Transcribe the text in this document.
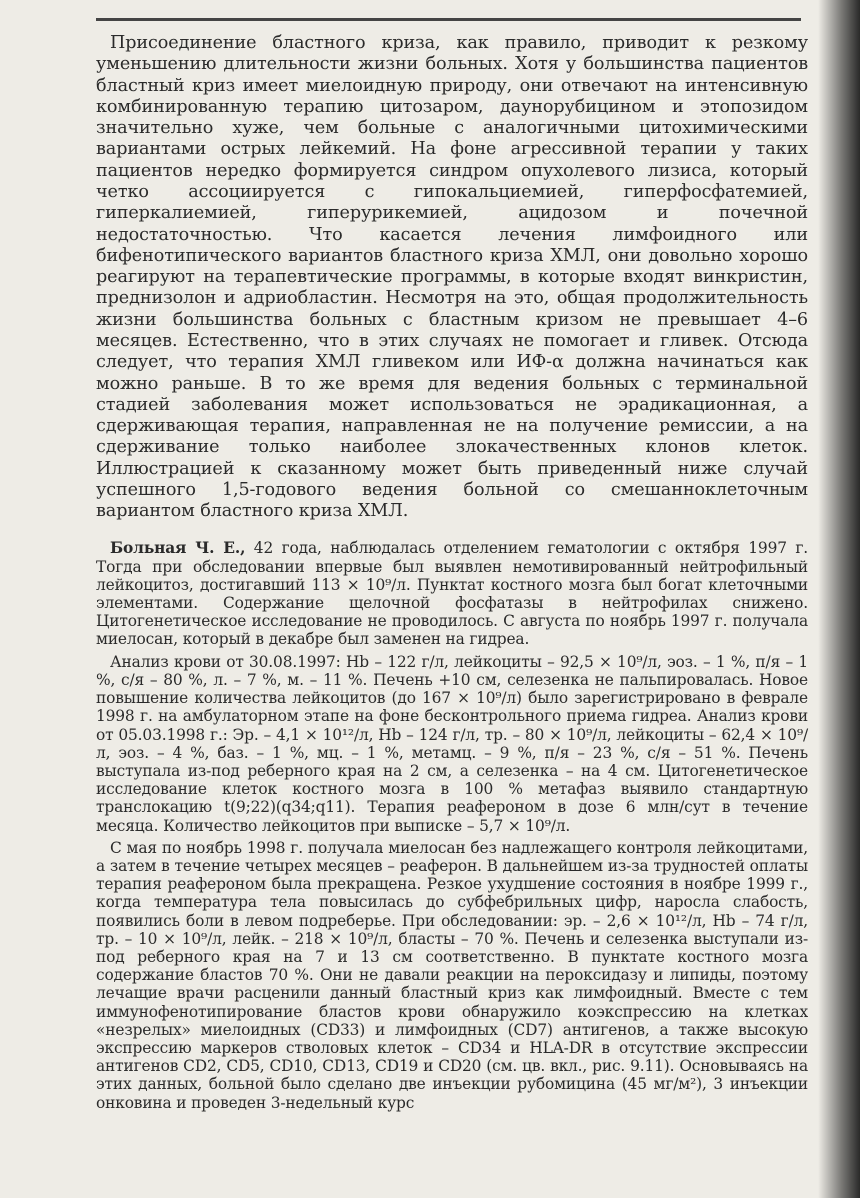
Присоединение бластного криза, как правило, приводит к резкому уменьшению длительности жизни больных. Хотя у большинства пациентов бластный криз имеет миелоидную природу, они отвечают на интенсивную комбинированную терапию цитозаром, даунорубицином и этопозидом значительно хуже, чем больные с аналогичными цитохимическими вариантами острых лейкемий. На фоне агрессивной терапии у таких пациентов нередко формируется синдром опухолевого лизиса, который четко ассоциируется с гипокальциемией, гиперфосфатемией, гиперкалиемией, гиперурикемией, ацидозом и почечной недостаточностью. Что касается лечения лимфоидного или бифенотипического вариантов бластного криза ХМЛ, они довольно хорошо реагируют на терапевтические программы, в которые входят винкристин, преднизолон и адриобластин. Несмотря на это, общая продолжительность жизни большинства больных с бластным кризом не превышает 4–6 месяцев. Естественно, что в этих случаях не помогает и гливек. Отсюда следует, что терапия ХМЛ гливеком или ИФ-α должна начинаться как можно раньше. В то же время для ведения больных с терминальной стадией заболевания может использоваться не эрадикационная, а сдерживающая терапия, направленная не на получение ремиссии, а на сдерживание только наиболее злокачественных клонов клеток. Иллюстрацией к сказанному может быть приведенный ниже случай успешного 1,5-годового ведения больной со смешанноклеточным вариантом бластного криза ХМЛ.

Больная Ч. Е., 42 года, наблюдалась отделением гематологии с октября 1997 г. Тогда при обследовании впервые был выявлен немотивированный нейтрофильный лейкоцитоз, достигавший 113 × 10⁹/л. Пунктат костного мозга был богат клеточными элементами. Содержание щелочной фосфатазы в нейтрофилах снижено. Цитогенетическое исследование не проводилось. С августа по ноябрь 1997 г. получала миелосан, который в декабре был заменен на гидреа.

Анализ крови от 30.08.1997: Hb – 122 г/л, лейкоциты – 92,5 × 10⁹/л, эоз. – 1 %, п/я – 1 %, с/я – 80 %, л. – 7 %, м. – 11 %. Печень +10 см, селезенка не пальпировалась. Новое повышение количества лейкоцитов (до 167 × 10⁹/л) было зарегистрировано в феврале 1998 г. на амбулаторном этапе на фоне бесконтрольного приема гидреа. Анализ крови от 05.03.1998 г.: Эр. – 4,1 × 10¹²/л, Hb – 124 г/л, тр. – 80 × 10⁹/л, лейкоциты – 62,4 × 10⁹/л, эоз. – 4 %, баз. – 1 %, мц. – 1 %, метамц. – 9 %, п/я – 23 %, с/я – 51 %. Печень выступала из-под реберного края на 2 см, а селезенка – на 4 см. Цитогенетическое исследование клеток костного мозга в 100 % метафаз выявило стандартную транслокацию t(9;22)(q34;q11). Терапия реафероном в дозе 6 млн/сут в течение месяца. Количество лейкоцитов при выписке – 5,7 × 10⁹/л.

С мая по ноябрь 1998 г. получала миелосан без надлежащего контроля лейкоцитами, а затем в течение четырех месяцев – реаферон. В дальнейшем из-за трудностей оплаты терапия реафероном была прекращена. Резкое ухудшение состояния в ноябре 1999 г., когда температура тела повысилась до субфебрильных цифр, наросла слабость, появились боли в левом подреберье. При обследовании: эр. – 2,6 × 10¹²/л, Hb – 74 г/л, тр. – 10 × 10⁹/л, лейк. – 218 × 10⁹/л, бласты – 70 %. Печень и селезенка выступали из-под реберного края на 7 и 13 см соответственно. В пунктате костного мозга содержание бластов 70 %. Они не давали реакции на пероксидазу и липиды, поэтому лечащие врачи расценили данный бластный криз как лимфоидный. Вместе с тем иммунофенотипирование бластов крови обнаружило коэкспрессию на клетках «незрелых» миелоидных (CD33) и лимфоидных (CD7) антигенов, а также высокую экспрессию маркеров стволовых клеток – CD34 и HLA-DR в отсутствие экспрессии антигенов CD2, CD5, CD10, CD13, CD19 и CD20 (см. цв. вкл., рис. 9.11). Основываясь на этих данных, больной было сделано две инъекции рубомицина (45 мг/м²), 3 инъекции онковина и проведен 3-недельный курс
